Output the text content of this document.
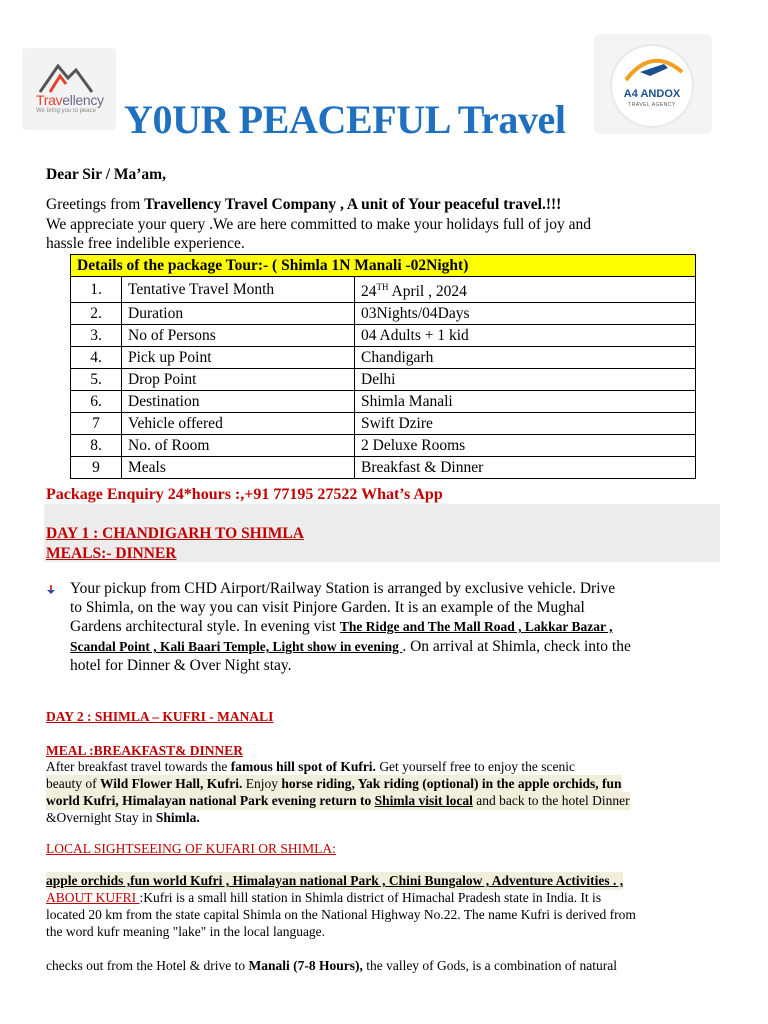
Travellency
We bring you to peace
A4 ANDOX
TRAVEL AGENCY
Y0UR PEACEFUL Travel
Dear Sir / Ma’am,
Greetings from Travellency Travel Company , A unit of Your peaceful travel.!!!
We appreciate your query .We are here committed to make your holidays full of joy and
hassle free indelible experience.
Details of the package Tour:- ( Shimla 1N Manali -02Night)		
1.	Tentative Travel Month	24TH April , 2024
2.	Duration	03Nights/04Days
3.	No of Persons	04 Adults + 1 kid
4.	Pick up Point	Chandigarh
5.	Drop Point	Delhi
6.	Destination	Shimla Manali
7	Vehicle offered	Swift Dzire
8.	No. of Room	2 Deluxe Rooms
9	Meals	Breakfast & Dinner
Package Enquiry 24*hours :,+91 77195 27522 What’s App
DAY 1 : CHANDIGARH TO SHIMLA
MEALS:- DINNER
Your pickup from CHD Airport/Railway Station is arranged by exclusive vehicle. Drive
to Shimla, on the way you can visit Pinjore Garden. It is an example of the Mughal
Gardens architectural style. In evening vist The Ridge and The Mall Road , Lakkar Bazar ,
Scandal Point , Kali Baari Temple, Light show in evening . On arrival at Shimla, check into the
hotel for Dinner & Over Night stay.
DAY 2 : SHIMLA – KUFRI - MANALI
MEAL :BREAKFAST& DINNER
After breakfast travel towards the famous hill spot of Kufri. Get yourself free to enjoy the scenic
beauty of Wild Flower Hall, Kufri. Enjoy horse riding, Yak riding (optional) in the apple orchids, fun
world Kufri, Himalayan national Park evening return to Shimla visit local and back to the hotel Dinner
&Overnight Stay in Shimla.
LOCAL SIGHTSEEING OF KUFARI OR SHIMLA:
apple orchids ,fun world Kufri , Himalayan national Park , Chini Bungalow , Adventure Activities . ,
ABOUT KUFRI :Kufri is a small hill station in Shimla district of Himachal Pradesh state in India. It is
located 20 km from the state capital Shimla on the National Highway No.22. The name Kufri is derived from
the word kufr meaning "lake" in the local language.
checks out from the Hotel & drive to Manali (7-8 Hours), the valley of Gods, is a combination of natural
